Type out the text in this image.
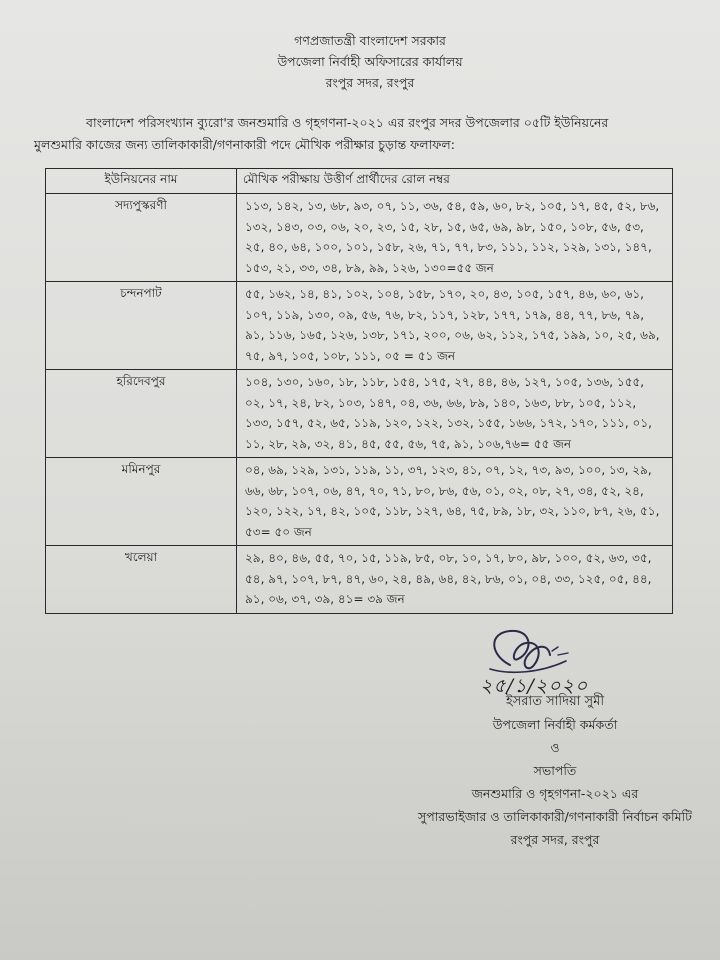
গণপ্রজাতন্ত্রী বাংলাদেশ সরকার
উপজেলা নির্বাহী অফিসারের কার্যালয়
রংপুর সদর, রংপুর
বাংলাদেশ পরিসংখ্যান ব্যুরো'র জনশুমারি ও গৃহগণনা-২০২১ এর রংপুর সদর উপজেলার ০৫টি ইউনিয়নের
মুলশুমারি কাজের জন্য তালিকাকারী/গণনাকারী পদে মৌখিক পরীক্ষার চুড়ান্ত ফলাফল:
ইউনিয়নের নাম	মৌখিক পরীক্ষায় উত্তীর্ণ প্রার্থীদের রোল নম্বর
সদ্যপুস্করণী	১১৩, ১৪২, ১৩, ৬৮, ৯৩, ০৭, ১১, ৩৬, ৫৪, ৫৯, ৬০, ৮২, ১০৫, ১৭, ৪৫, ৫২, ৮৬, ১৩২, ১৪৩, ০৩, ০৬, ২০, ২৩, ১৫, ২৮, ১৫, ৬৫, ৬৯, ৯৮, ১৫০, ১০৮, ৫৬, ৫৩, ২৫, ৪০, ৬৪, ১০০, ১০১, ১৫৮, ২৬, ৭১, ৭৭, ৮৩, ১১১, ১১২, ১২৯, ১৩১, ১৪৭, ১৫৩, ২১, ৩৩, ৩৪, ৮৯, ৯৯, ১২৬, ১৩০=৫৫ জন
চন্দনপাট	৫৫, ১৬২, ১৪, ৪১, ১০২, ১০৪, ১৫৮, ১৭০, ২০, ৪৩, ১০৫, ১৫৭, ৪৬, ৬০, ৬১, ১০৭, ১১৯, ১৩০, ০৯, ৫৬, ৭৬, ৮২, ১১৭, ১২৮, ১৭৭, ১৭৯, ৪৪, ৭৭, ৮৬, ৭৯, ৯১, ১১৬, ১৬৫, ১২৬, ১৩৮, ১৭১, ২০০, ০৬, ৬২, ১১২, ১৭৫, ১৯৯, ১০, ২৫, ৬৯, ৭৫, ৯৭, ১০৫, ১০৮, ১১১, ০৫ = ৫১ জন
হরিদেবপুর	১০৪, ১৩০, ১৬০, ১৮, ১১৮, ১৫৪, ১৭৫, ২৭, ৪৪, ৪৬, ১২৭, ১০৫, ১৩৬, ১৫৫, ০২, ১৭, ২৪, ৮২, ১০৩, ১৪৭, ০৪, ৩৬, ৬৬, ৮৯, ১৪০, ১৬৩, ৮৮, ১০৫, ১১২, ১৩৩, ১৫৭, ৫২, ৬৫, ১১৯, ১২০, ১২২, ১৩২, ১৫৫, ১৬৬, ১৭২, ১৭০, ১১১, ০১, ১১, ২৮, ২৯, ৩২, ৪১, ৪৫, ৫৫, ৫৬, ৭৫, ৯১, ১০৬,৭৬= ৫৫ জন
মমিনপুর	০৪, ৬৯, ১২৯, ১৩১, ১১৯, ১১, ৩৭, ১২৩, ৪১, ০৭, ১২, ৭৩, ৯৩, ১০০, ১৩, ২৯, ৬৬, ৬৮, ১০৭, ০৬, ৪৭, ৭০, ৭১, ৮০, ৮৬, ৫৬, ০১, ০২, ০৮, ২৭, ৩৪, ৫২, ২৪, ১২০, ১২২, ১৭, ৪২, ১০৫, ১১৮, ১২৭, ৬৪, ৭৫, ৮৯, ১৮, ৩২, ১১০, ৮৭, ২৬, ৫১, ৫৩= ৫০ জন
খলেয়া	২৯, ৪০, ৪৬, ৫৫, ৭০, ১৫, ১১৯, ৮৫, ০৮, ১০, ১৭, ৮০, ৯৮, ১০০, ৫২, ৬৩, ৩৫, ৫৪, ৯৭, ১০৭, ৮৭, ৪৭, ৬০, ২৪, ৪৯, ৬৪, ৪২, ৮৬, ০১, ০৪, ৩৩, ১২৫, ০৫, ৪৪, ৯১, ০৬, ৩৭, ৩৯, ৪১= ৩৯ জন
২৫/১/২০২০
ইসরাত সাদিয়া সুমী
উপজেলা নির্বাহী কর্মকর্তা
ও
সভাপতি
জনশুমারি ও গৃহগণনা-২০২১ এর
সুপারভাইজার ও তালিকাকারী/গণনাকারী নির্বাচন কমিটি
রংপুর সদর, রংপুর
